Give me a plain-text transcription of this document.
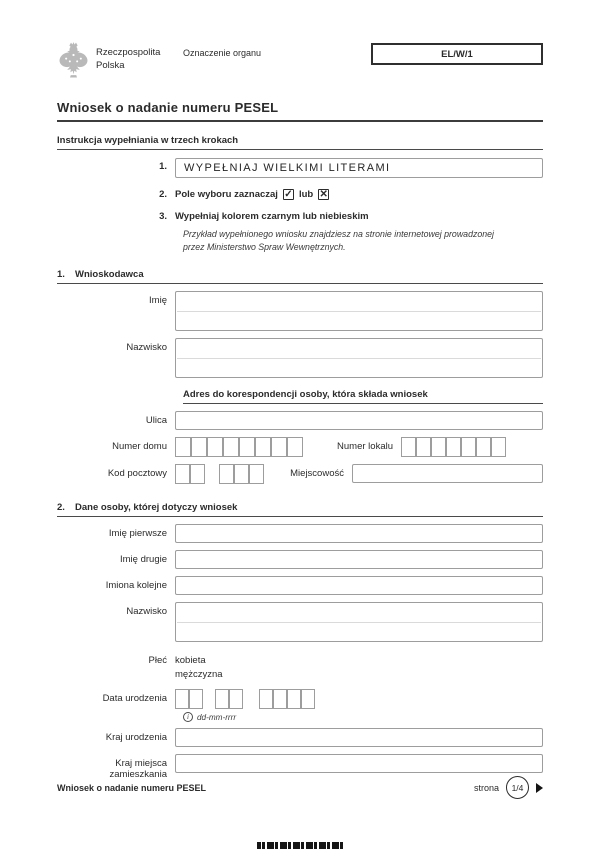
Rzeczpospolita
Polska
Oznaczenie organu	EL/W/1
Wniosek o nadanie numeru PESEL
Instrukcja wypełniania w trzech krokach
1.	WYPEŁNIAJ WIELKIMI LITERAMI
2. Pole wyboru zaznaczaj ✓ lub ✕
3. Wypełniaj kolorem czarnym lub niebieskim
Przykład wypełnionego wniosku znajdziesz na stronie internetowej prowadzonej
przez Ministerstwo Spraw Wewnętrznych.
1.	Wnioskodawca
Imię
Nazwisko
Adres do korespondencji osoby, która składa wniosek
Ulica
Numer domu	Numer lokalu
Kod pocztowy	Miejscowość
2.	Dane osoby, której dotyczy wniosek
Imię pierwsze
Imię drugie
Imiona kolejne
Nazwisko
Płeć kobieta
mężczyzna
Data urodzenia
i dd-mm-rrrr
Kraj urodzenia
Kraj miejsca zamieszkania
Wniosek o nadanie numeru PESEL	strona	1/4
